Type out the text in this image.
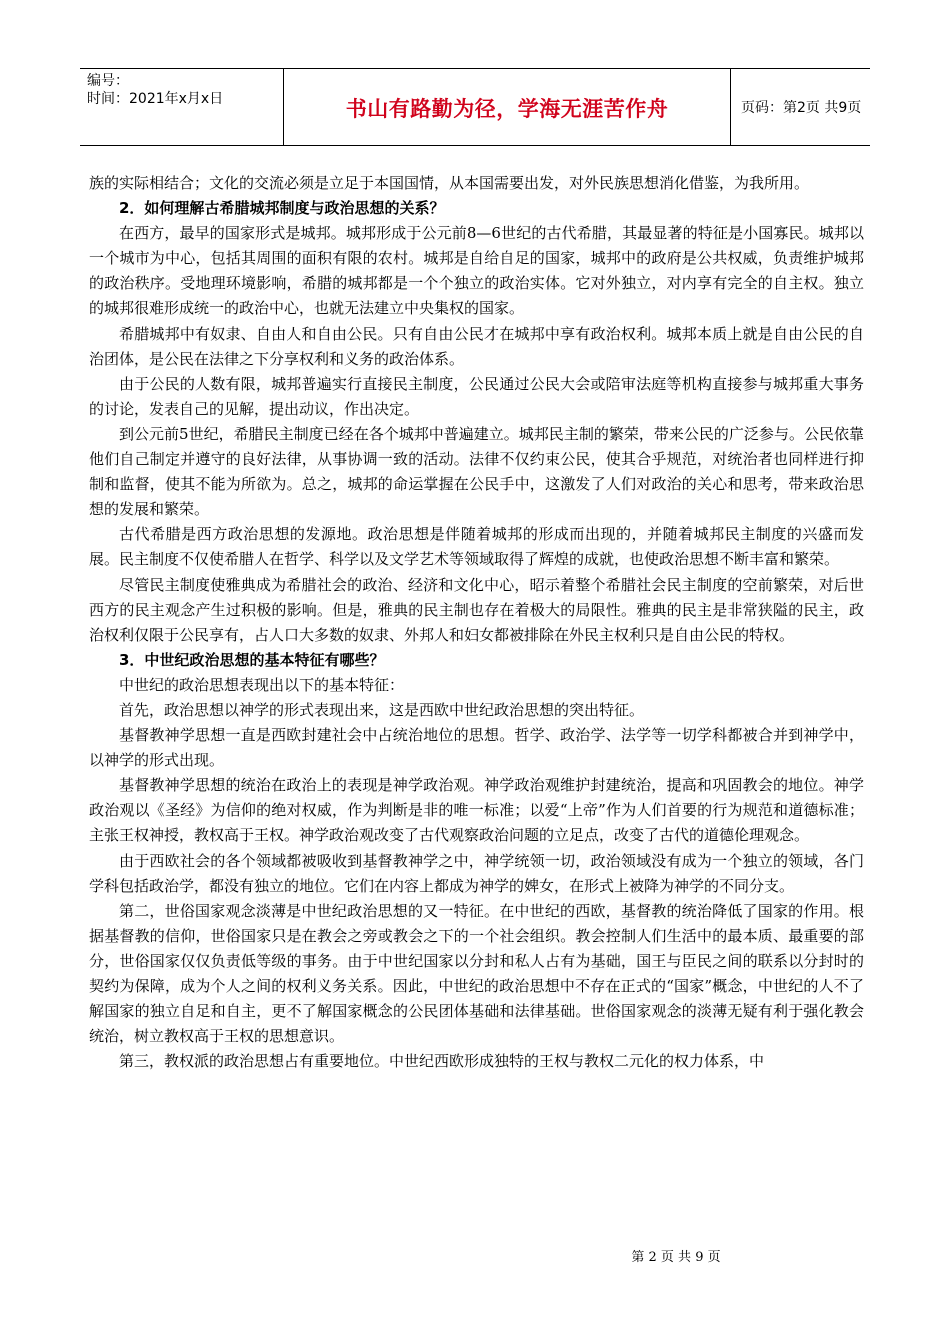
编号：
时间：2021年x月x日	书山有路勤为径，学海无涯苦作舟	页码：第2页 共9页

族的实际相结合；文化的交流必须是立足于本国国情，从本国需要出发，对外民族思想消化借鉴，为我所用。

2．如何理解古希腊城邦制度与政治思想的关系？

在西方，最早的国家形式是城邦。城邦形成于公元前8—6世纪的古代希腊，其最显著的特征是小国寡民。城邦以一个城市为中心，包括其周围的面积有限的农村。城邦是自给自足的国家，城邦中的政府是公共权威，负责维护城邦的政治秩序。受地理环境影响，希腊的城邦都是一个个独立的政治实体。它对外独立，对内享有完全的自主权。独立的城邦很难形成统一的政治中心，也就无法建立中央集权的国家。

希腊城邦中有奴隶、自由人和自由公民。只有自由公民才在城邦中享有政治权利。城邦本质上就是自由公民的自治团体，是公民在法律之下分享权利和义务的政治体系。

由于公民的人数有限，城邦普遍实行直接民主制度，公民通过公民大会或陪审法庭等机构直接参与城邦重大事务的讨论，发表自己的见解，提出动议，作出决定。

到公元前5世纪，希腊民主制度已经在各个城邦中普遍建立。城邦民主制的繁荣，带来公民的广泛参与。公民依靠他们自己制定并遵守的良好法律，从事协调一致的活动。法律不仅约束公民，使其合乎规范，对统治者也同样进行抑制和监督，使其不能为所欲为。总之，城邦的命运掌握在公民手中，这激发了人们对政治的关心和思考，带来政治思想的发展和繁荣。

古代希腊是西方政治思想的发源地。政治思想是伴随着城邦的形成而出现的，并随着城邦民主制度的兴盛而发展。民主制度不仅使希腊人在哲学、科学以及文学艺术等领域取得了辉煌的成就，也使政治思想不断丰富和繁荣。

尽管民主制度使雅典成为希腊社会的政治、经济和文化中心，昭示着整个希腊社会民主制度的空前繁荣，对后世西方的民主观念产生过积极的影响。但是，雅典的民主制也存在着极大的局限性。雅典的民主是非常狭隘的民主，政治权利仅限于公民享有，占人口大多数的奴隶、外邦人和妇女都被排除在外民主权利只是自由公民的特权。

3．中世纪政治思想的基本特征有哪些？

中世纪的政治思想表现出以下的基本特征：

首先，政治思想以神学的形式表现出来，这是西欧中世纪政治思想的突出特征。

基督教神学思想一直是西欧封建社会中占统治地位的思想。哲学、政治学、法学等一切学科都被合并到神学中，以神学的形式出现。

基督教神学思想的统治在政治上的表现是神学政治观。神学政治观维护封建统治，提高和巩固教会的地位。神学政治观以《圣经》为信仰的绝对权威，作为判断是非的唯一标准；以爱“上帝”作为人们首要的行为规范和道德标准；主张王权神授，教权高于王权。神学政治观改变了古代观察政治问题的立足点，改变了古代的道德伦理观念。

由于西欧社会的各个领域都被吸收到基督教神学之中，神学统领一切，政治领域没有成为一个独立的领域，各门学科包括政治学，都没有独立的地位。它们在内容上都成为神学的婢女，在形式上被降为神学的不同分支。

第二，世俗国家观念淡薄是中世纪政治思想的又一特征。在中世纪的西欧，基督教的统治降低了国家的作用。根据基督教的信仰，世俗国家只是在教会之旁或教会之下的一个社会组织。教会控制人们生活中的最本质、最重要的部分，世俗国家仅仅负责低等级的事务。由于中世纪国家以分封和私人占有为基础，国王与臣民之间的联系以分封时的契约为保障，成为个人之间的权利义务关系。因此，中世纪的政治思想中不存在正式的“国家”概念，中世纪的人不了解国家的独立自足和自主，更不了解国家概念的公民团体基础和法律基础。世俗国家观念的淡薄无疑有利于强化教会统治，树立教权高于王权的思想意识。

第三，教权派的政治思想占有重要地位。中世纪西欧形成独特的王权与教权二元化的权力体系，中

第 2 页 共 9 页
